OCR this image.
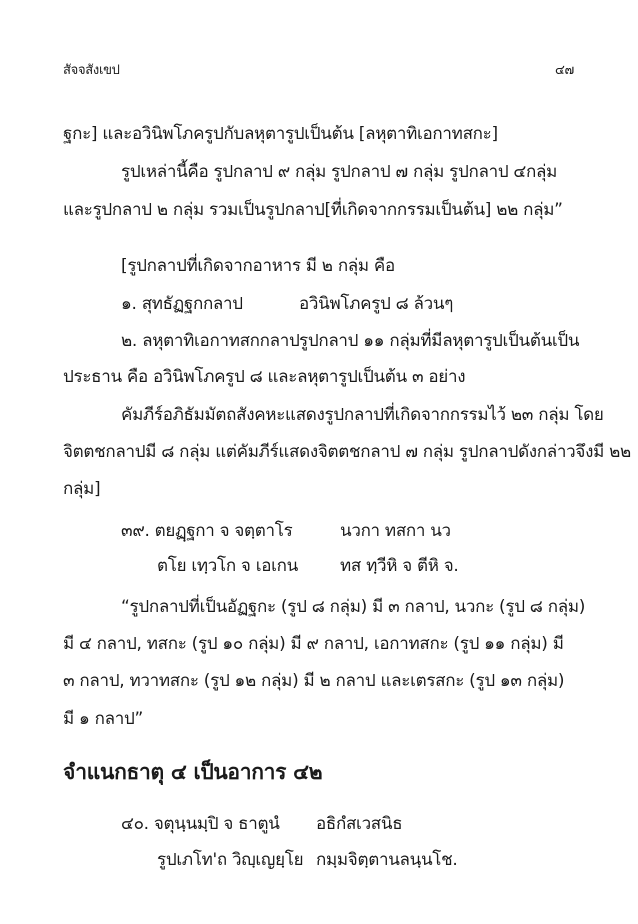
สัจจสังเขป	๔๗
ฐกะ] และอวินิพโภครูปกับลหุตารูปเป็นต้น [ลหุตาทิเอกาทสกะ]
รูปเหล่านี้คือ รูปกลาป ๙ กลุ่ม รูปกลาป ๗ กลุ่ม รูปกลาป ๔กลุ่ม
และรูปกลาป ๒ กลุ่ม รวมเป็นรูปกลาป[ที่เกิดจากกรรมเป็นต้น] ๒๒ กลุ่ม”
[รูปกลาปที่เกิดจากอาหาร มี ๒ กลุ่ม คือ
๑. สุทธัฏฐกกลาป	อวินิพโภครูป ๘ ล้วนๆ
๒. ลหุตาทิเอกาทสกกลาป รูปกลาป ๑๑ กลุ่มที่มีลหุตารูปเป็นต้นเป็น
ประธาน คือ อวินิพโภครูป ๘ และลหุตารูปเป็นต้น ๓ อย่าง
คัมภีร์อภิธัมมัตถสังคหะแสดงรูปกลาปที่เกิดจากกรรมไว้ ๒๓ กลุ่ม โดย
จิตตชกลาปมี ๘ กลุ่ม แต่คัมภีร์แสดงจิตตชกลาป ๗ กลุ่ม รูปกลาปดังกล่าวจึงมี ๒๒
กลุ่ม]
๓๙. ตยฏฺฐกา จ จตฺตาโร	นวกา ทสกา นว
ตโย เทฺวโก จ เอเกน ทส ทฺวีหิ จ ตีหิ จ.
“รูปกลาปที่เป็นอัฏฐกะ (รูป ๘ กลุ่ม) มี ๓ กลาป, นวกะ (รูป ๘ กลุ่ม)
มี ๔ กลาป, ทสกะ (รูป ๑๐ กลุ่ม) มี ๙ กลาป, เอกาทสกะ (รูป ๑๑ กลุ่ม) มี
๓ กลาป, ทวาทสกะ (รูป ๑๒ กลุ่ม) มี ๒ กลาป และเตรสกะ (รูป ๑๓ กลุ่ม)
มี ๑ กลาป”
จำแนกธาตุ ๔ เป็นอาการ ๔๒
๔๐. จตุนฺนมฺปิ จ ธาตูนํ อธิกํสเวสนิธ
รูปเภโท'ถ วิญฺเญยฺโย กมฺมจิตฺตานลนฺนโช.
